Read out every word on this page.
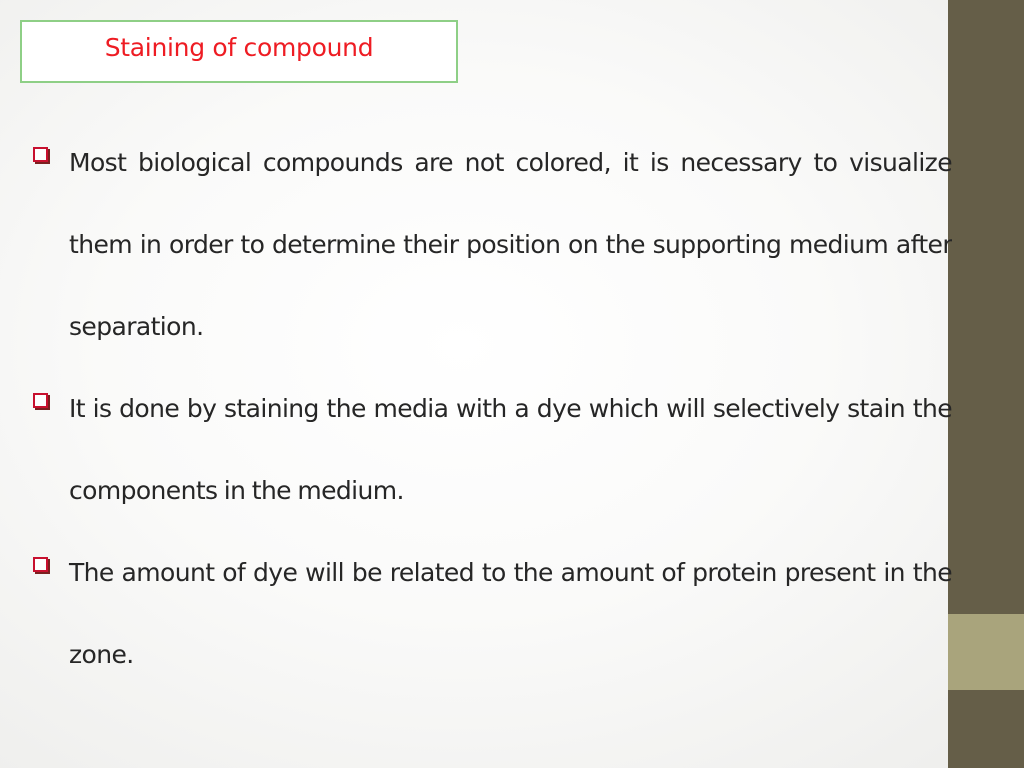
Staining of compound

Most biological compounds are not colored, it is necessary to visualize them in order to determine their position on the supporting medium after separation.

It is done by staining the media with a dye which will selectively stain the components in the medium.

The amount of dye will be related to the amount of protein present in the zone.
